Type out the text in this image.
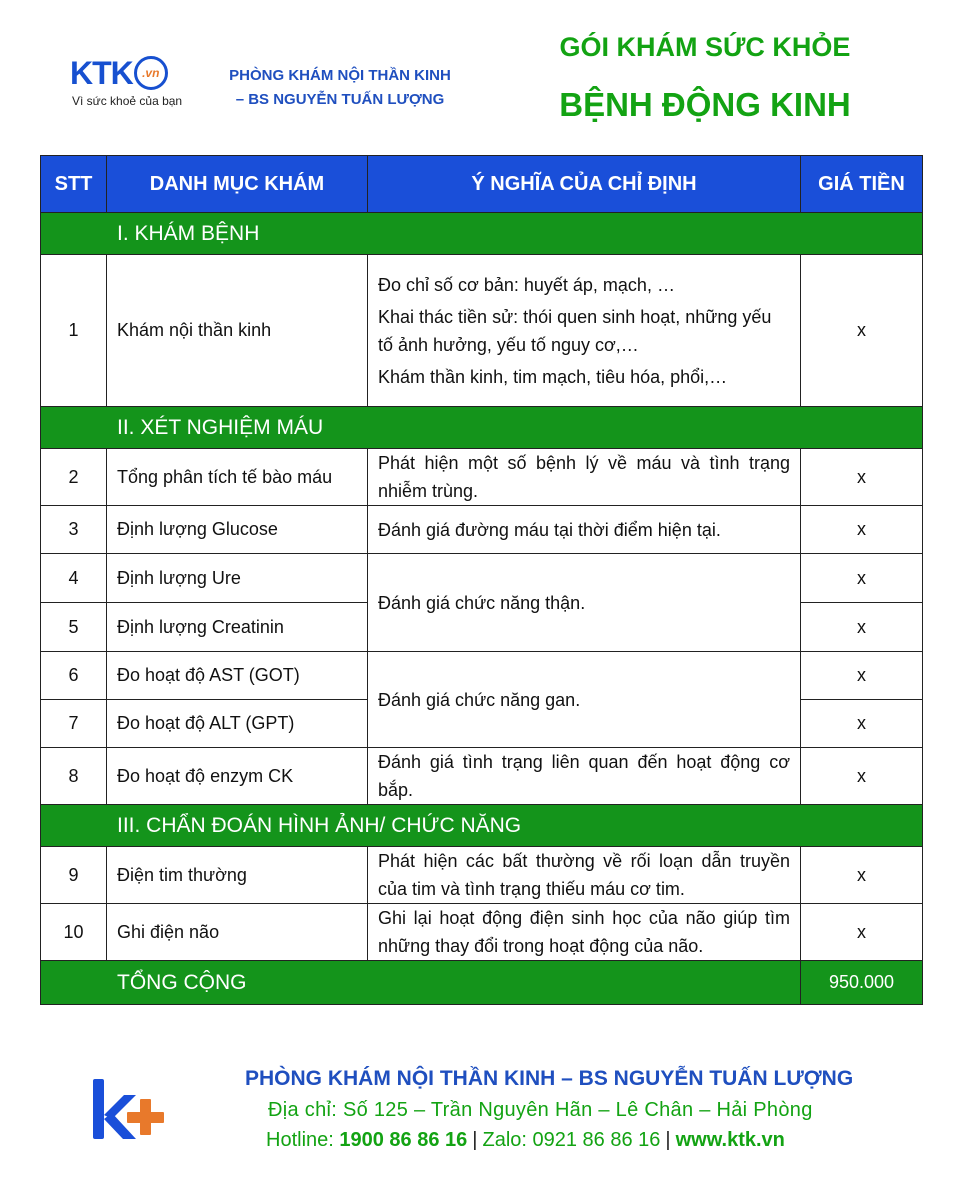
KTK .vn
Vì sức khoẻ của bạn
PHÒNG KHÁM NỘI THẦN KINH
– BS NGUYỄN TUẤN LƯỢNG
GÓI KHÁM SỨC KHỎE
BỆNH ĐỘNG KINH
STT	DANH MỤC KHÁM	Ý NGHĨA CỦA CHỈ ĐỊNH	GIÁ TIỀN
I. KHÁM BỆNH			
1	Khám nội thần kinh	Đo chỉ số cơ bản: huyết áp, mạch, …
Khai thác tiền sử: thói quen sinh hoạt, những yếu tố ảnh hưởng, yếu tố nguy cơ,…
Khám thần kinh, tim mạch, tiêu hóa, phổi,…	x
II. XÉT NGHIỆM MÁU			
2	Tổng phân tích tế bào máu	Phát hiện một số bệnh lý về máu và tình trạng nhiễm trùng.	x
3	Định lượng Glucose	Đánh giá đường máu tại thời điểm hiện tại.	x
4	Định lượng Ure	Đánh giá chức năng thận.	x
5	Định lượng Creatinin		x
6	Đo hoạt độ AST (GOT)	Đánh giá chức năng gan.	x
7	Đo hoạt độ ALT (GPT)		x
8	Đo hoạt độ enzym CK	Đánh giá tình trạng liên quan đến hoạt động cơ bắp.	x
III. CHẨN ĐOÁN HÌNH ẢNH/ CHỨC NĂNG			
9	Điện tim thường	Phát hiện các bất thường về rối loạn dẫn truyền của tim và tình trạng thiếu máu cơ tim.	x
10	Ghi điện não	Ghi lại hoạt động điện sinh học của não giúp tìm những thay đổi trong hoạt động của não.	x
TỔNG CỘNG			950.000
PHÒNG KHÁM NỘI THẦN KINH – BS NGUYỄN TUẤN LƯỢNG
Địa chỉ: Số 125 – Trần Nguyên Hãn – Lê Chân – Hải Phòng
Hotline: 1900 86 86 16 | Zalo: 0921 86 86 16 | www.ktk.vn
